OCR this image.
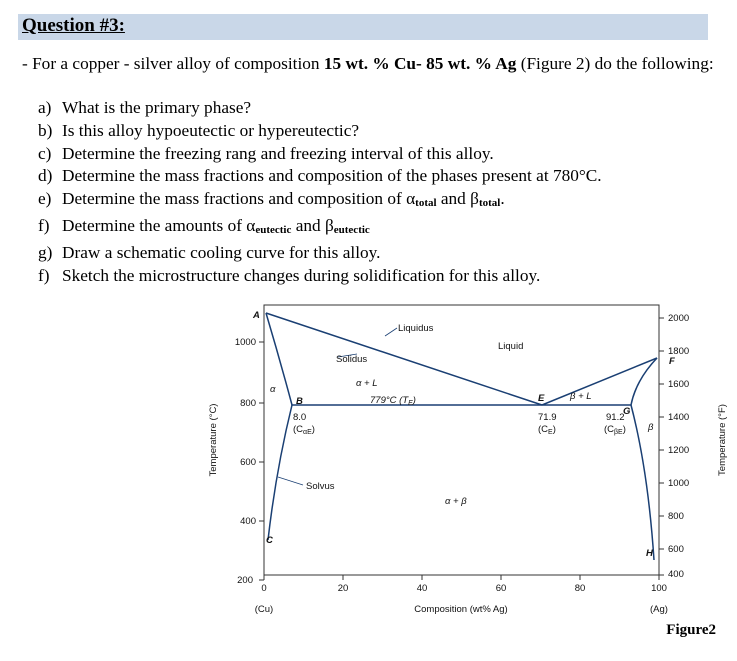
Question #3:
- For a copper - silver alloy of composition 15 wt. % Cu- 85 wt. % Ag (Figure 2) do the following:
a) What is the primary phase?
b) Is this alloy hypoeutectic or hypereutectic?
c) Determine the freezing rang and freezing interval of this alloy.
d) Determine the mass fractions and composition of the phases present at 780°C.
e) Determine the mass fractions and composition of αtotal and βtotal.
f) Determine the amounts of αeutectic and βeutectic
g) Draw a schematic cooling curve for this alloy.
f) Sketch the microstructure changes during solidification for this alloy.
1000
800
600
400
200
2000
1800
1600
1400
1200
1000
800
600
400
0	20	40	60	80	100
(Cu)	(Ag)
Composition (wt% Ag)
Temperature (°C)	Temperature (°F)
Liquidus
Liquid
Solidus
Solvus
α + L
β + L
α + β
α
β
779°C $(T_E)$
A
B
C
E
F
G
H
8.0
$(C_{\alpha E})$
71.9
$(C_E)$
91.2
$(C_{\beta E})$
Figure2
